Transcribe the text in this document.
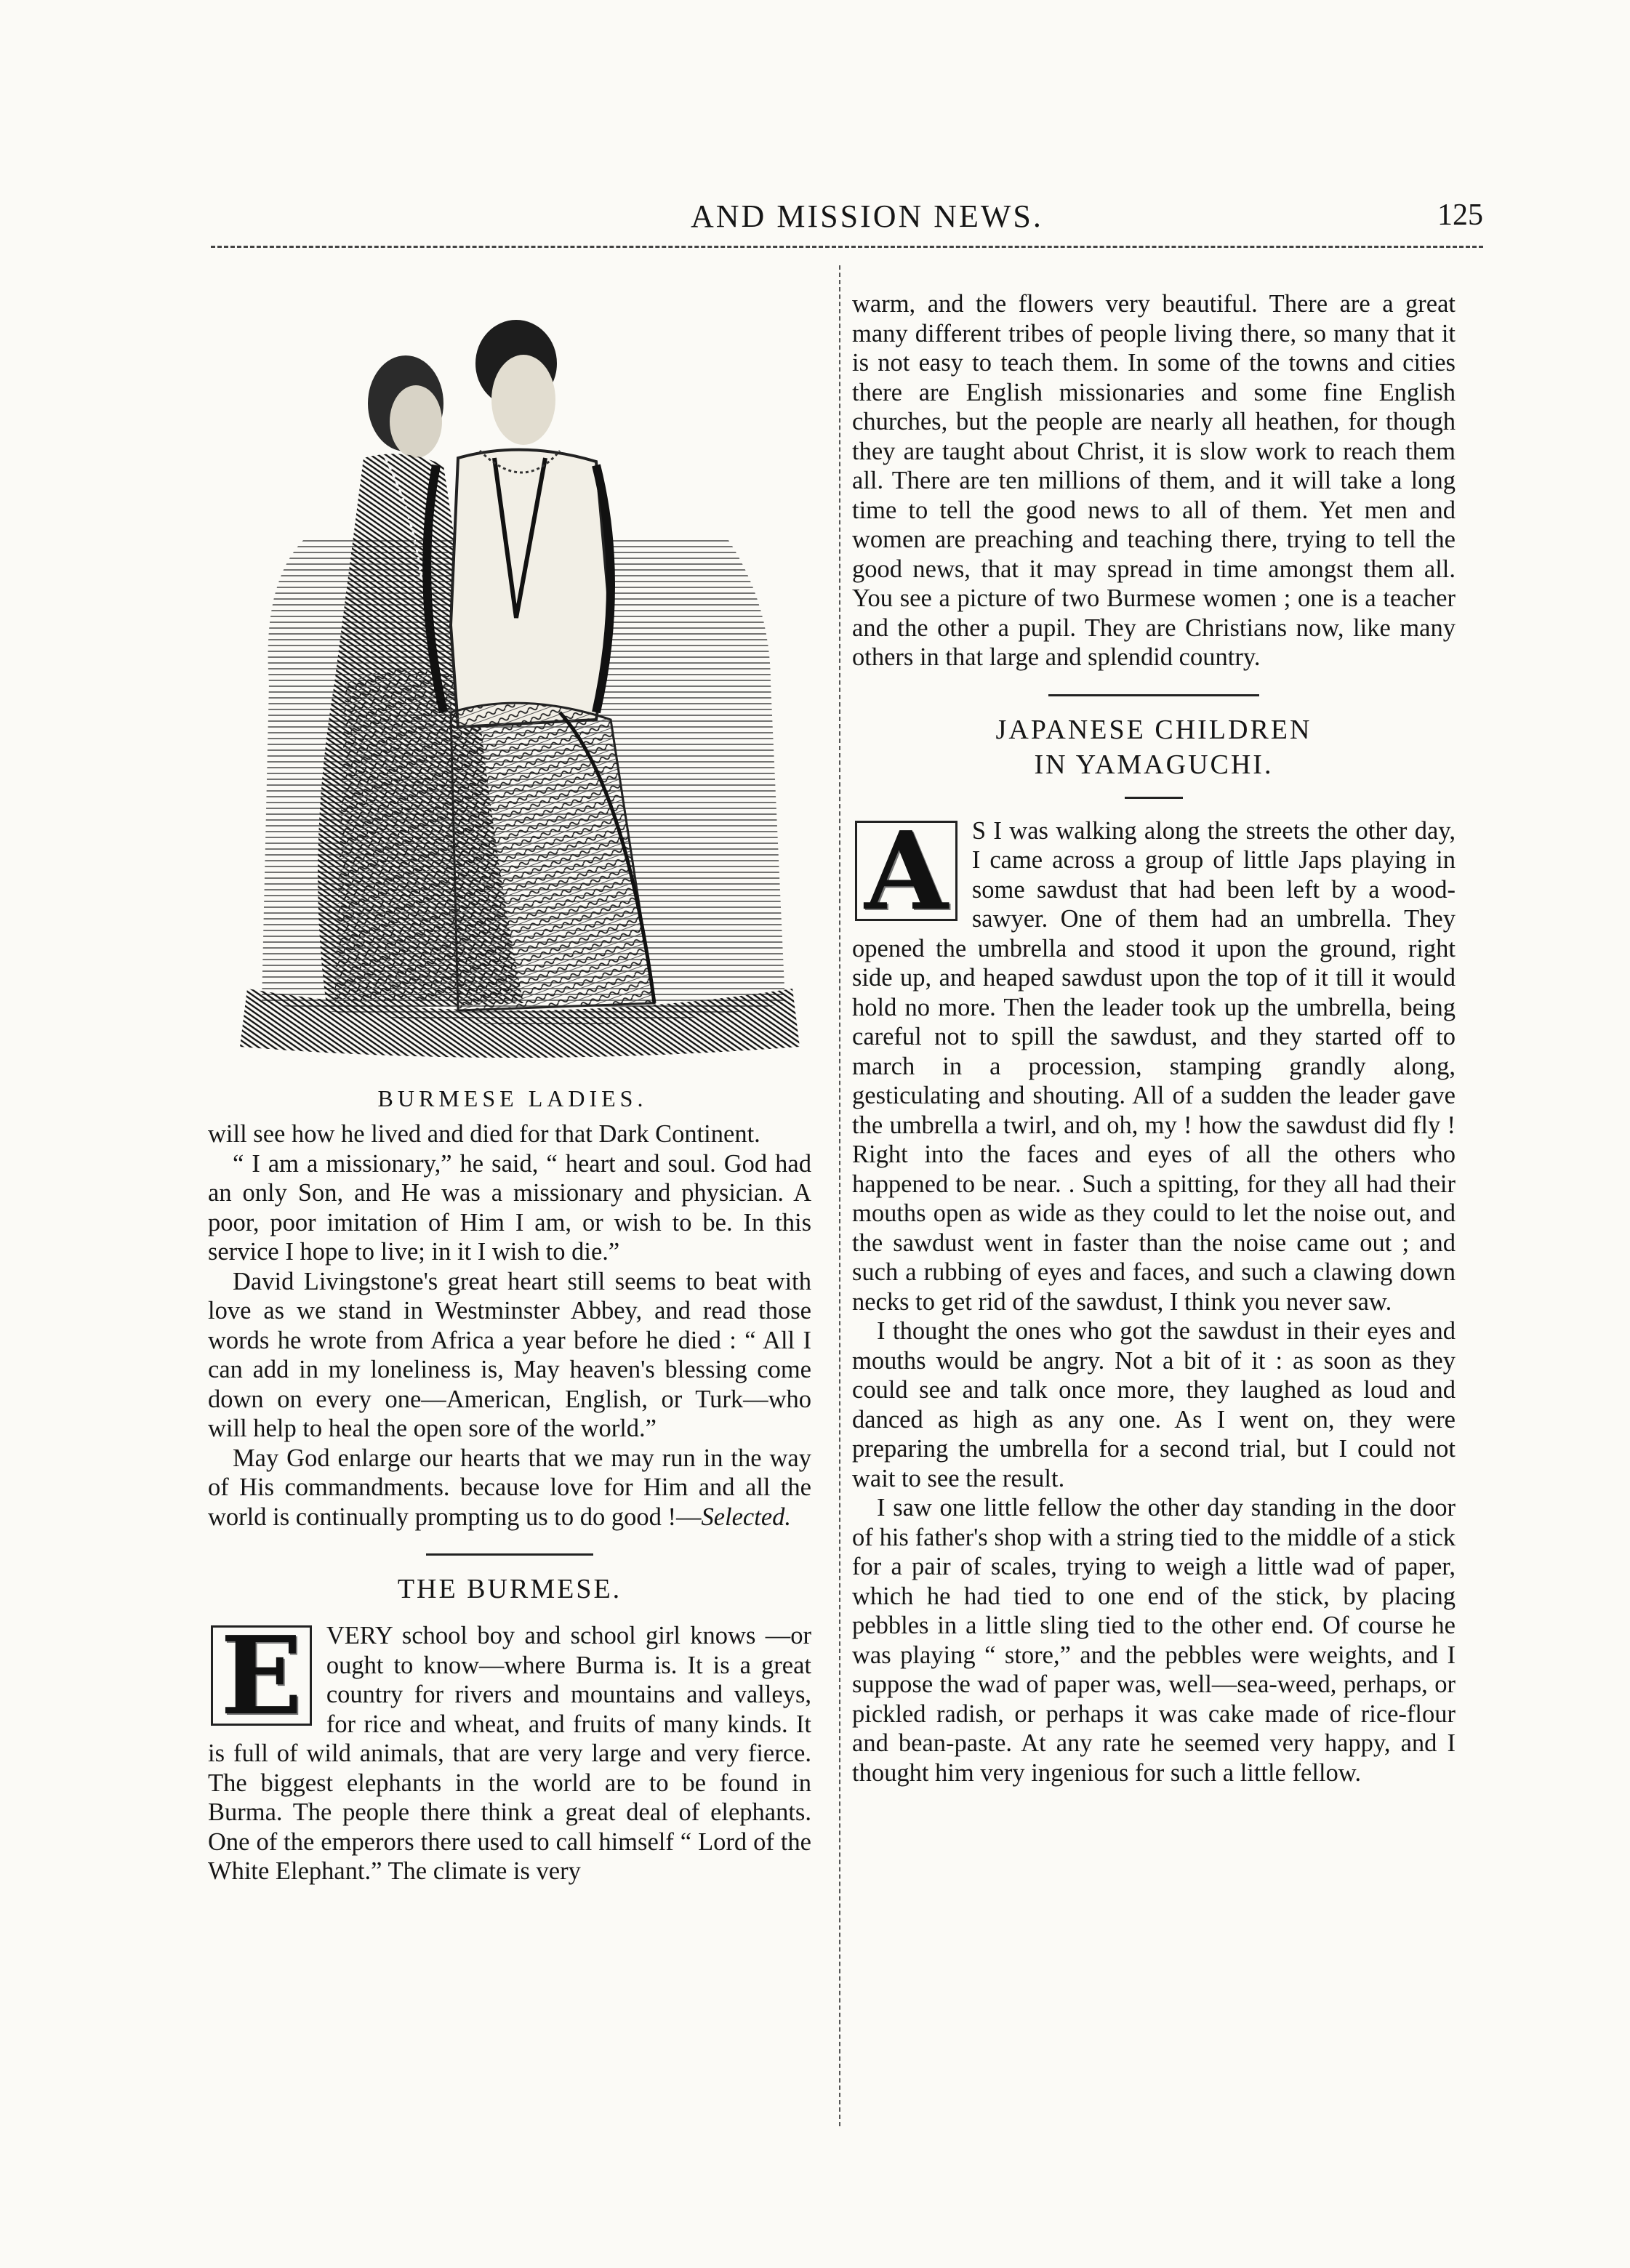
AND MISSION NEWS.	125
BURMESE LADIES.

will see how he lived and died for that Dark Continent.

“ I am a missionary,” he said, “ heart and soul. God had an only Son, and He was a missionary and physician. A poor, poor imitation of Him I am, or wish to be. In this service I hope to live; in it I wish to die.”

David Livingstone's great heart still seems to beat with love as we stand in Westminster Abbey, and read those words he wrote from Africa a year before he died : “ All I can add in my loneliness is, May heaven's blessing come down on every one—American, English, or Turk—who will help to heal the open sore of the world.”

May God enlarge our hearts that we may run in the way of His commandments. because love for Him and all the world is continually prompting us to do good !—Selected.

THE BURMESE.

E VERY school boy and school girl knows —or ought to know—where Burma is. It is a great country for rivers and mountains and valleys, for rice and wheat, and fruits of many kinds. It is full of wild animals, that are very large and very fierce. The biggest elephants in the world are to be found in Burma. The people there think a great deal of elephants. One of the emperors there used to call himself “ Lord of the White Elephant.” The climate is very

warm, and the flowers very beautiful. There are a great many different tribes of people living there, so many that it is not easy to teach them. In some of the towns and cities there are English missionaries and some fine English churches, but the people are nearly all heathen, for though they are taught about Christ, it is slow work to reach them all. There are ten millions of them, and it will take a long time to tell the good news to all of them. Yet men and women are preaching and teaching there, trying to tell the good news, that it may spread in time amongst them all. You see a picture of two Burmese women ; one is a teacher and the other a pupil. They are Christians now, like many others in that large and splendid country.

JAPANESE CHILDREN IN YAMAGUCHI.

A S I was walking along the streets the other day, I came across a group of little Japs playing in some sawdust that had been left by a wood-sawyer. One of them had an umbrella. They opened the umbrella and stood it upon the ground, right side up, and heaped sawdust upon the top of it till it would hold no more. Then the leader took up the umbrella, being careful not to spill the sawdust, and they started off to march in a procession, stamping grandly along, gesticulating and shouting. All of a sudden the leader gave the umbrella a twirl, and oh, my ! how the sawdust did fly ! Right into the faces and eyes of all the others who happened to be near. . Such a spitting, for they all had their mouths open as wide as they could to let the noise out, and the sawdust went in faster than the noise came out ; and such a rubbing of eyes and faces, and such a clawing down necks to get rid of the sawdust, I think you never saw.

I thought the ones who got the sawdust in their eyes and mouths would be angry. Not a bit of it : as soon as they could see and talk once more, they laughed as loud and danced as high as any one. As I went on, they were preparing the umbrella for a second trial, but I could not wait to see the result.

I saw one little fellow the other day standing in the door of his father's shop with a string tied to the middle of a stick for a pair of scales, trying to weigh a little wad of paper, which he had tied to one end of the stick, by placing pebbles in a little sling tied to the other end. Of course he was playing “ store,” and the pebbles were weights, and I suppose the wad of paper was, well—sea-weed, perhaps, or pickled radish, or perhaps it was cake made of rice-flour and bean-paste. At any rate he seemed very happy, and I thought him very ingenious for such a little fellow.
